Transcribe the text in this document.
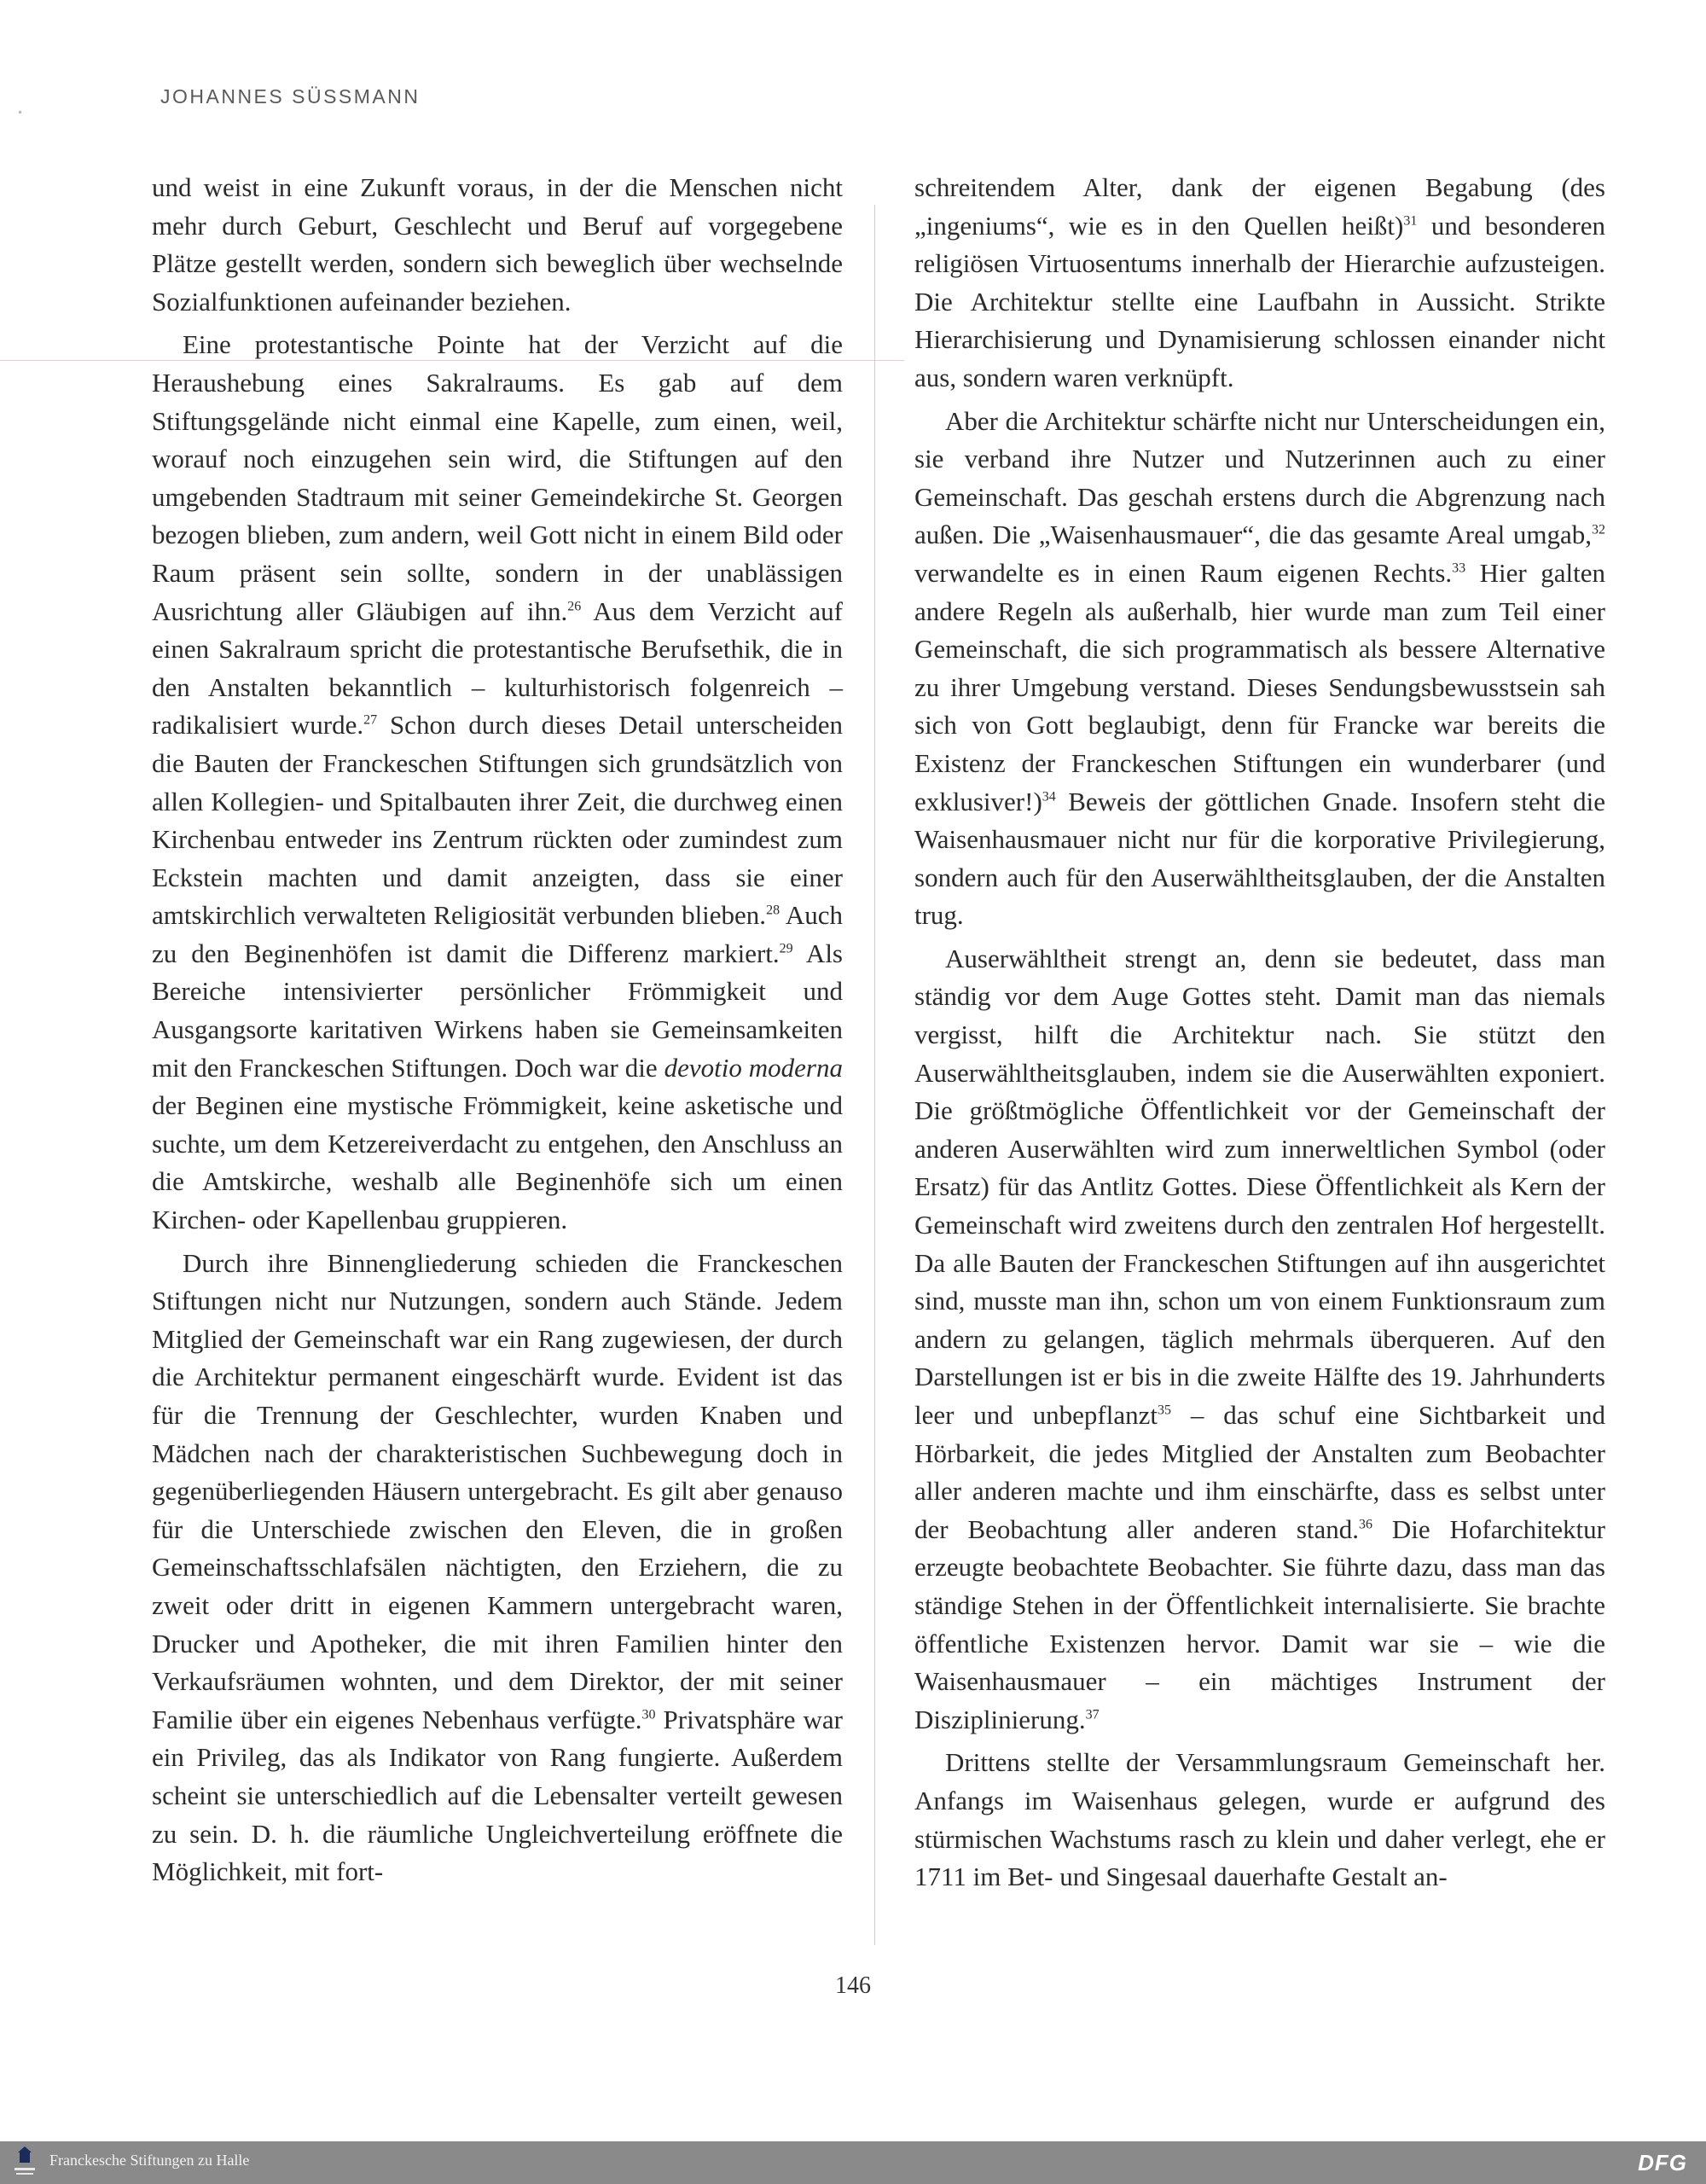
JOHANNES SÜSSMANN

und weist in eine Zukunft voraus, in der die Menschen nicht mehr durch Geburt, Geschlecht und Beruf auf vorgegebene Plätze gestellt werden, sondern sich beweglich über wechselnde Sozialfunktionen aufeinander beziehen.

Eine protestantische Pointe hat der Verzicht auf die Heraushebung eines Sakralraums. Es gab auf dem Stiftungsgelände nicht einmal eine Kapelle, zum einen, weil, worauf noch einzugehen sein wird, die Stiftungen auf den umgebenden Stadtraum mit seiner Gemeindekirche St. Georgen bezogen blieben, zum andern, weil Gott nicht in einem Bild oder Raum präsent sein sollte, sondern in der unablässigen Ausrichtung aller Gläubigen auf ihn.$^{26}$ Aus dem Verzicht auf einen Sakralraum spricht die protestantische Berufsethik, die in den Anstalten bekanntlich – kulturhistorisch folgenreich – radikalisiert wurde.$^{27}$ Schon durch dieses Detail unterscheiden die Bauten der Franckeschen Stiftungen sich grundsätzlich von allen Kollegien- und Spitalbauten ihrer Zeit, die durchweg einen Kirchenbau entweder ins Zentrum rückten oder zumindest zum Eckstein machten und damit anzeigten, dass sie einer amtskirchlich verwalteten Religiosität verbunden blieben.$^{28}$ Auch zu den Beginenhöfen ist damit die Differenz markiert.$^{29}$ Als Bereiche intensivierter persönlicher Frömmigkeit und Ausgangsorte karitativen Wirkens haben sie Gemeinsamkeiten mit den Franckeschen Stiftungen. Doch war die devotio moderna der Beginen eine mystische Frömmigkeit, keine asketische und suchte, um dem Ketzereiverdacht zu entgehen, den Anschluss an die Amtskirche, weshalb alle Beginenhöfe sich um einen Kirchen- oder Kapellenbau gruppieren.

Durch ihre Binnengliederung schieden die Franckeschen Stiftungen nicht nur Nutzungen, sondern auch Stände. Jedem Mitglied der Gemeinschaft war ein Rang zugewiesen, der durch die Architektur permanent eingeschärft wurde. Evident ist das für die Trennung der Geschlechter, wurden Knaben und Mädchen nach der charakteristischen Suchbewegung doch in gegenüberliegenden Häusern untergebracht. Es gilt aber genauso für die Unterschiede zwischen den Eleven, die in großen Gemeinschaftsschlafsälen nächtigten, den Erziehern, die zu zweit oder dritt in eigenen Kammern untergebracht waren, Drucker und Apotheker, die mit ihren Familien hinter den Verkaufsräumen wohnten, und dem Direktor, der mit seiner Familie über ein eigenes Nebenhaus verfügte.$^{30}$ Privatsphäre war ein Privileg, das als Indikator von Rang fungierte. Außerdem scheint sie unterschiedlich auf die Lebensalter verteilt gewesen zu sein. D. h. die räumliche Ungleichverteilung eröffnete die Möglichkeit, mit fort-

schreitendem Alter, dank der eigenen Begabung (des „ingeniums“, wie es in den Quellen heißt)$^{31}$ und besonderen religiösen Virtuosentums innerhalb der Hierarchie aufzusteigen. Die Architektur stellte eine Laufbahn in Aussicht. Strikte Hierarchisierung und Dynamisierung schlossen einander nicht aus, sondern waren verknüpft.

Aber die Architektur schärfte nicht nur Unterscheidungen ein, sie verband ihre Nutzer und Nutzerinnen auch zu einer Gemeinschaft. Das geschah erstens durch die Abgrenzung nach außen. Die „Waisenhausmauer“, die das gesamte Areal umgab,$^{32}$ verwandelte es in einen Raum eigenen Rechts.$^{33}$ Hier galten andere Regeln als außerhalb, hier wurde man zum Teil einer Gemeinschaft, die sich programmatisch als bessere Alternative zu ihrer Umgebung verstand. Dieses Sendungsbewusstsein sah sich von Gott beglaubigt, denn für Francke war bereits die Existenz der Franckeschen Stiftungen ein wunderbarer (und exklusiver!)$^{34}$ Beweis der göttlichen Gnade. Insofern steht die Waisenhausmauer nicht nur für die korporative Privilegierung, sondern auch für den Auserwähltheitsglauben, der die Anstalten trug.

Auserwähltheit strengt an, denn sie bedeutet, dass man ständig vor dem Auge Gottes steht. Damit man das niemals vergisst, hilft die Architektur nach. Sie stützt den Auserwähltheitsglauben, indem sie die Auserwählten exponiert. Die größtmögliche Öffentlichkeit vor der Gemeinschaft der anderen Auserwählten wird zum innerweltlichen Symbol (oder Ersatz) für das Antlitz Gottes. Diese Öffentlichkeit als Kern der Gemeinschaft wird zweitens durch den zentralen Hof hergestellt. Da alle Bauten der Franckeschen Stiftungen auf ihn ausgerichtet sind, musste man ihn, schon um von einem Funktionsraum zum andern zu gelangen, täglich mehrmals überqueren. Auf den Darstellungen ist er bis in die zweite Hälfte des 19. Jahrhunderts leer und unbepflanzt$^{35}$ – das schuf eine Sichtbarkeit und Hörbarkeit, die jedes Mitglied der Anstalten zum Beobachter aller anderen machte und ihm einschärfte, dass es selbst unter der Beobachtung aller anderen stand.$^{36}$ Die Hofarchitektur erzeugte beobachtete Beobachter. Sie führte dazu, dass man das ständige Stehen in der Öffentlichkeit internalisierte. Sie brachte öffentliche Existenzen hervor. Damit war sie – wie die Waisenhausmauer – ein mächtiges Instrument der Disziplinierung.$^{37}$

Drittens stellte der Versammlungsraum Gemeinschaft her. Anfangs im Waisenhaus gelegen, wurde er aufgrund des stürmischen Wachstums rasch zu klein und daher verlegt, ehe er 1711 im Bet- und Singesaal dauerhafte Gestalt an-

146
Franckesche Stiftungen zu Halle	DFG
